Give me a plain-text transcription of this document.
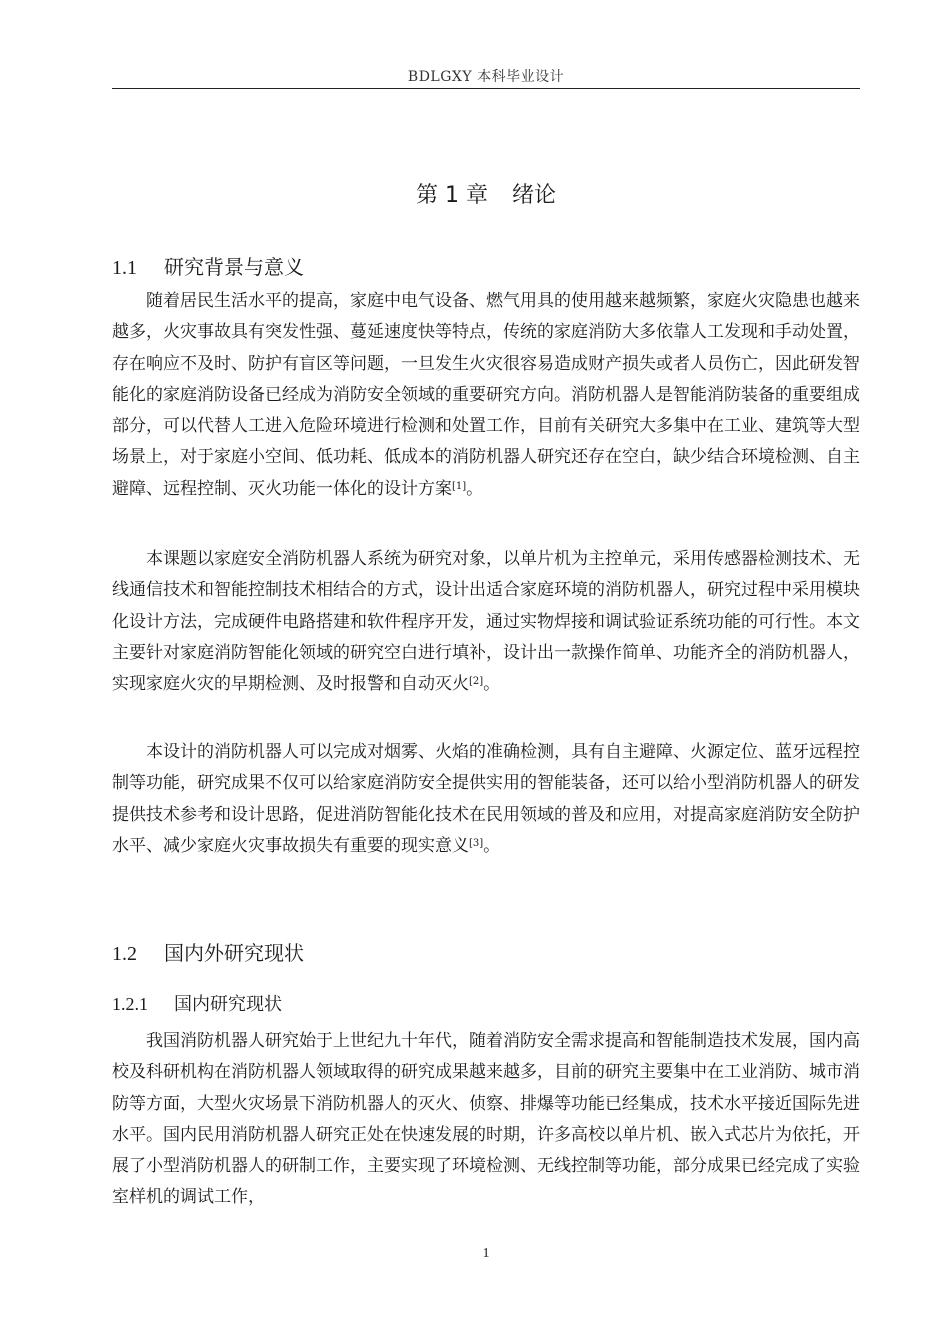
BDLGXY 本科毕业设计
第 1 章 绪论
1.1 研究背景与意义

随着居民生活水平的提高，家庭中电气设备、燃气用具的使用越来越频繁，家庭火灾隐患也越来越多，火灾事故具有突发性强、蔓延速度快等特点，传统的家庭消防大多依靠人工发现和手动处置，存在响应不及时、防护有盲区等问题，一旦发生火灾很容易造成财产损失或者人员伤亡，因此研发智能化的家庭消防设备已经成为消防安全领域的重要研究方向。消防机器人是智能消防装备的重要组成部分，可以代替人工进入危险环境进行检测和处置工作，目前有关研究大多集中在工业、建筑等大型场景上，对于家庭小空间、低功耗、低成本的消防机器人研究还存在空白，缺少结合环境检测、自主避障、远程控制、灭火功能一体化的设计方案[1]。

本课题以家庭安全消防机器人系统为研究对象，以单片机为主控单元，采用传感器检测技术、无线通信技术和智能控制技术相结合的方式，设计出适合家庭环境的消防机器人，研究过程中采用模块化设计方法，完成硬件电路搭建和软件程序开发，通过实物焊接和调试验证系统功能的可行性。本文主要针对家庭消防智能化领域的研究空白进行填补，设计出一款操作简单、功能齐全的消防机器人，实现家庭火灾的早期检测、及时报警和自动灭火[2]。

本设计的消防机器人可以完成对烟雾、火焰的准确检测，具有自主避障、火源定位、蓝牙远程控制等功能，研究成果不仅可以给家庭消防安全提供实用的智能装备，还可以给小型消防机器人的研发提供技术参考和设计思路，促进消防智能化技术在民用领域的普及和应用，对提高家庭消防安全防护水平、减少家庭火灾事故损失有重要的现实意义[3]。

1.2 国内外研究现状
1.2.1 国内研究现状

我国消防机器人研究始于上世纪九十年代，随着消防安全需求提高和智能制造技术发展，国内高校及科研机构在消防机器人领域取得的研究成果越来越多，目前的研究主要集中在工业消防、城市消防等方面，大型火灾场景下消防机器人的灭火、侦察、排爆等功能已经集成，技术水平接近国际先进水平。国内民用消防机器人研究正处在快速发展的时期，许多高校以单片机、嵌入式芯片为依托，开展了小型消防机器人的研制工作，主要实现了环境检测、无线控制等功能，部分成果已经完成了实验室样机的调试工作，

1
